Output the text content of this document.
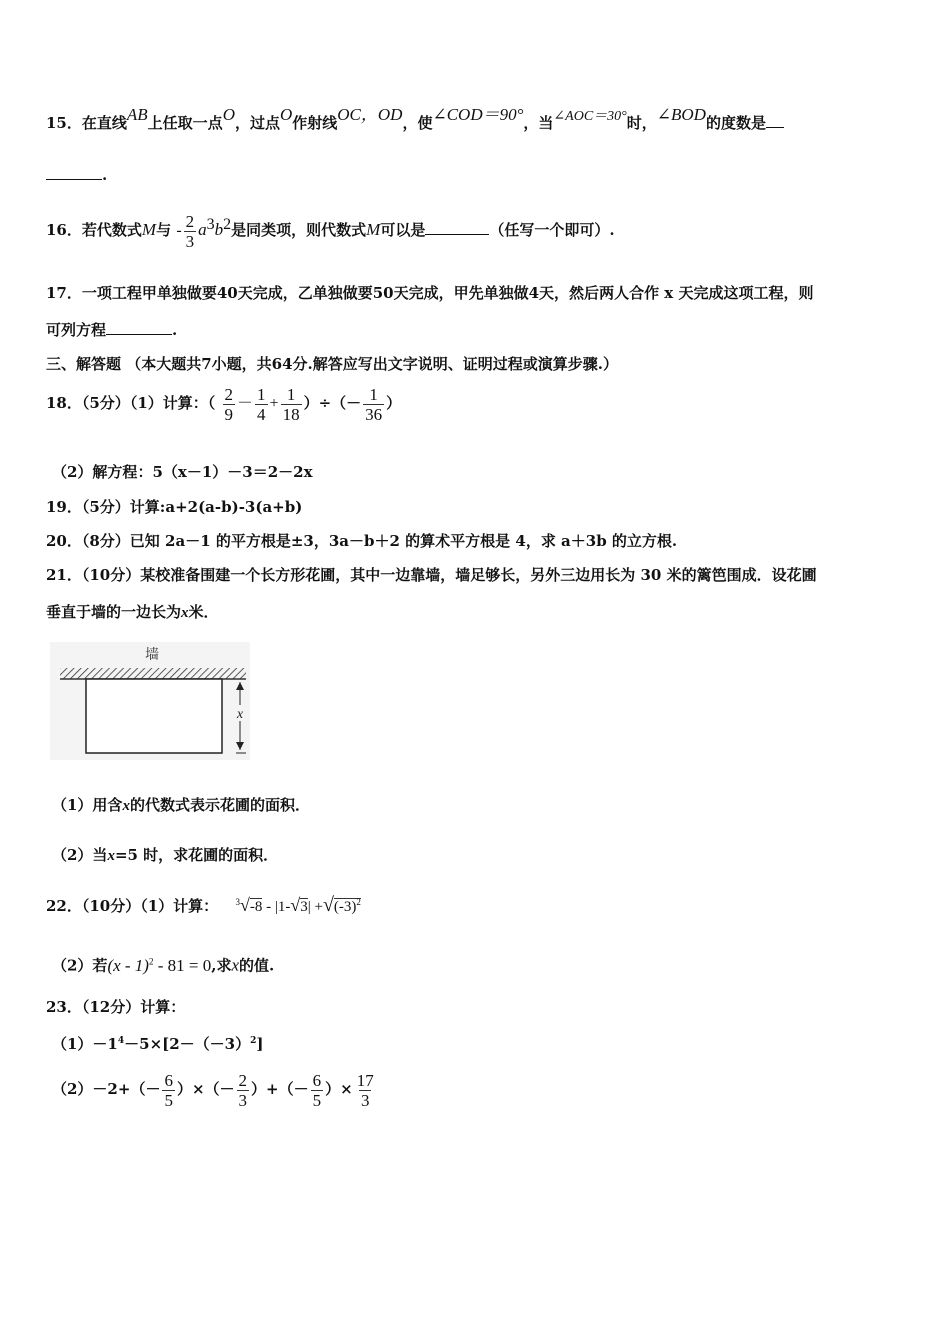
15．在直线AB上任取一点O，过点O作射线OC，OD，使∠COD＝90°，当∠AOC＝30°时，∠BOD的度数是
.
16．若代数式M与 - $\frac{2}{3} a^3b^2$是同类项，则代数式M可以是	（任写一个即可）.
17．一项工程甲单独做要40天完成，乙单独做要50天完成，甲先单独做4天，然后两人合作 x 天完成这项工程，则
可列方程	.
三、解答题 （本大题共7小题，共64分.解答应写出文字说明、证明过程或演算步骤.）
18．（5分）（1）计算：（ $\frac{2}{9} - \frac{1}{4} + \frac{1}{18}$ ）÷（－ $\frac{1}{36}$ ）
（2）解方程：5（x－1）－3＝2－2x
19．（5分）计算:a+2(a-b)-3(a+b)
20．（8分）已知 2a－1 的平方根是±3，3a－b＋2 的算术平方根是 4，求 a＋3b 的立方根.
21．（10分）某校准备围建一个长方形花圃，其中一边靠墙，墙足够长，另外三边用长为 30 米的篱笆围成．设花圃
垂直于墙的一边长为x米．
墙
x
（1）用含x的代数式表示花圃的面积．
（2）当x=5 时，求花圃的面积．
22．（10分）（1）计算： $^3√-8 - |1-√3| +√(-3)^2$
（2）若(x - 1)$^2$ - 81 = 0,求x的值.
23．（12分）计算：
$(1)-1^4-5\times[2-(-3)^2]$
$(2)-2+(- \frac{6}{5}$ ）×（－ $\frac{2}{3}$ ）+（－ $\frac{6}{5}$ ）× $\frac{17}{3}$
